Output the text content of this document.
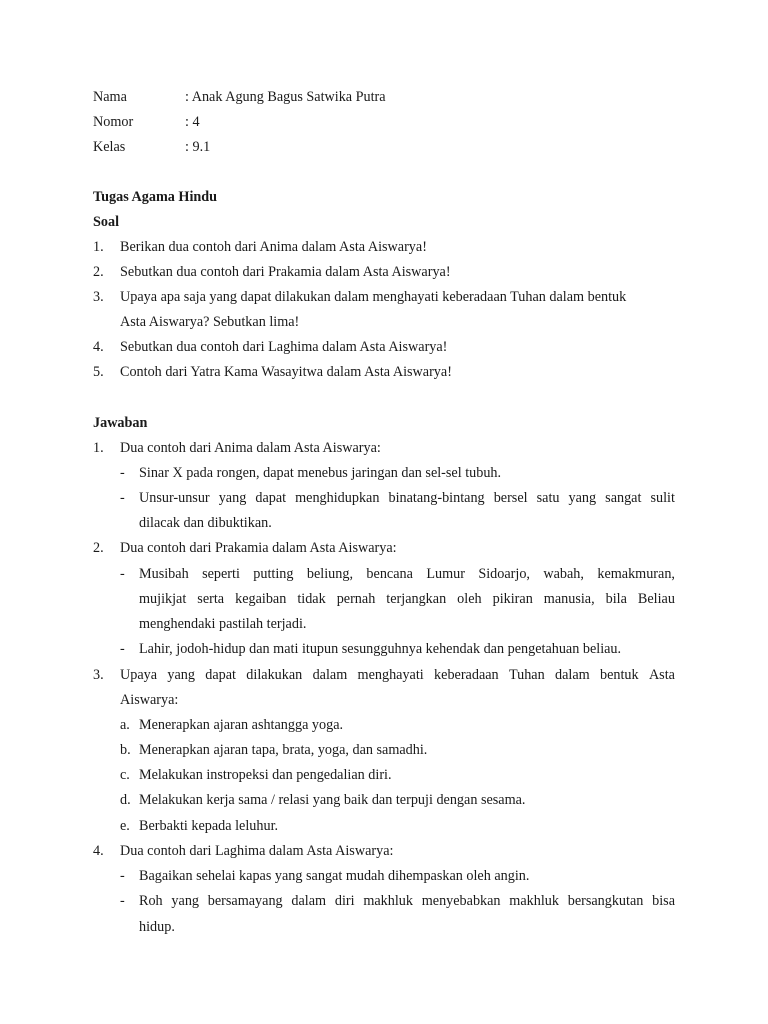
Nama	: Anak Agung Bagus Satwika Putra
Nomor	: 4
Kelas	: 9.1
Tugas Agama Hindu
Soal
1. Berikan dua contoh dari Anima dalam Asta Aiswarya!
2. Sebutkan dua contoh dari Prakamia dalam Asta Aiswarya!
3. Upaya apa saja yang dapat dilakukan dalam menghayati keberadaan Tuhan dalam bentuk
Asta Aiswarya? Sebutkan lima!
4. Sebutkan dua contoh dari Laghima dalam Asta Aiswarya!
5. Contoh dari Yatra Kama Wasayitwa dalam Asta Aiswarya!
Jawaban
1. Dua contoh dari Anima dalam Asta Aiswarya:
- Sinar X pada rongen, dapat menebus jaringan dan sel-sel tubuh.
- Unsur-unsur yang dapat menghidupkan binatang-bintang bersel satu yang sangat sulit
dilacak dan dibuktikan.
2. Dua contoh dari Prakamia dalam Asta Aiswarya:
- Musibah seperti putting beliung, bencana Lumur Sidoarjo, wabah, kemakmuran,
mujikjat serta kegaiban tidak pernah terjangkan oleh pikiran manusia, bila Beliau
menghendaki pastilah terjadi.
- Lahir, jodoh-hidup dan mati itupun sesungguhnya kehendak dan pengetahuan beliau.
3. Upaya yang dapat dilakukan dalam menghayati keberadaan Tuhan dalam bentuk Asta
Aiswarya:
a. Menerapkan ajaran ashtangga yoga.
b. Menerapkan ajaran tapa, brata, yoga, dan samadhi.
c. Melakukan instropeksi dan pengedalian diri.
d. Melakukan kerja sama / relasi yang baik dan terpuji dengan sesama.
e. Berbakti kepada leluhur.
4. Dua contoh dari Laghima dalam Asta Aiswarya:
- Bagaikan sehelai kapas yang sangat mudah dihempaskan oleh angin.
- Roh yang bersamayang dalam diri makhluk menyebabkan makhluk bersangkutan bisa
hidup.
